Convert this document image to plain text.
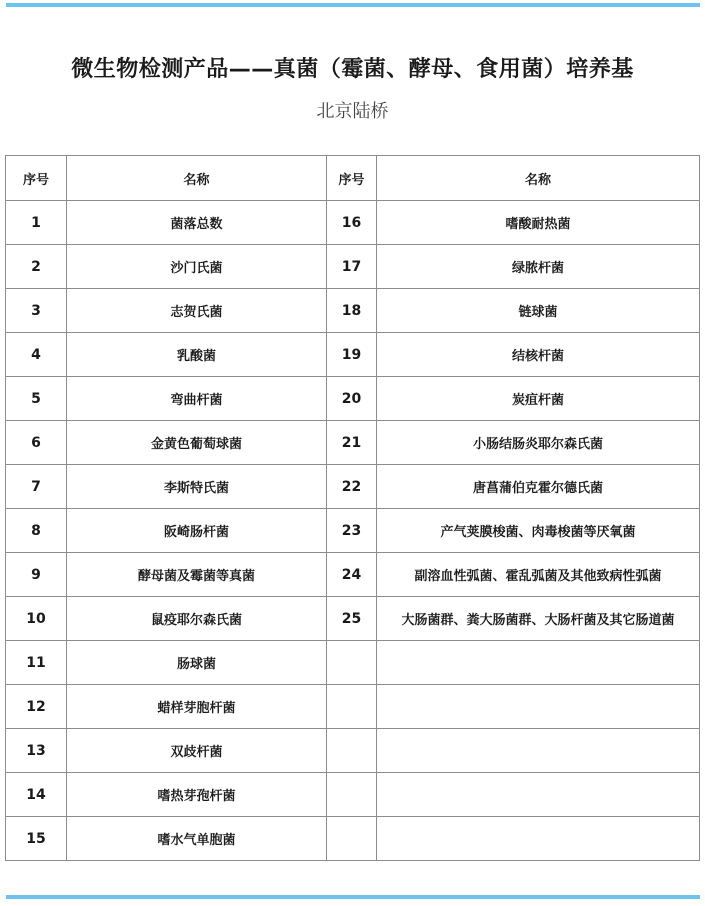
微生物检测产品——真菌（霉菌、酵母、食用菌）培养基
北京陆桥
序号	名称	序号	名称
1	菌落总数	16	嗜酸耐热菌
2	沙门氏菌	17	绿脓杆菌
3	志贺氏菌	18	链球菌
4	乳酸菌	19	结核杆菌
5	弯曲杆菌	20	炭疽杆菌
6	金黄色葡萄球菌	21	小肠结肠炎耶尔森氏菌
7	李斯特氏菌	22	唐菖蒲伯克霍尔德氏菌
8	阪崎肠杆菌	23	产气荚膜梭菌、肉毒梭菌等厌氧菌
9	酵母菌及霉菌等真菌	24	副溶血性弧菌、霍乱弧菌及其他致病性弧菌
10	鼠疫耶尔森氏菌	25	大肠菌群、粪大肠菌群、大肠杆菌及其它肠道菌
11	肠球菌		
12	蜡样芽胞杆菌		
13	双歧杆菌		
14	嗜热芽孢杆菌		
15	嗜水气单胞菌		
